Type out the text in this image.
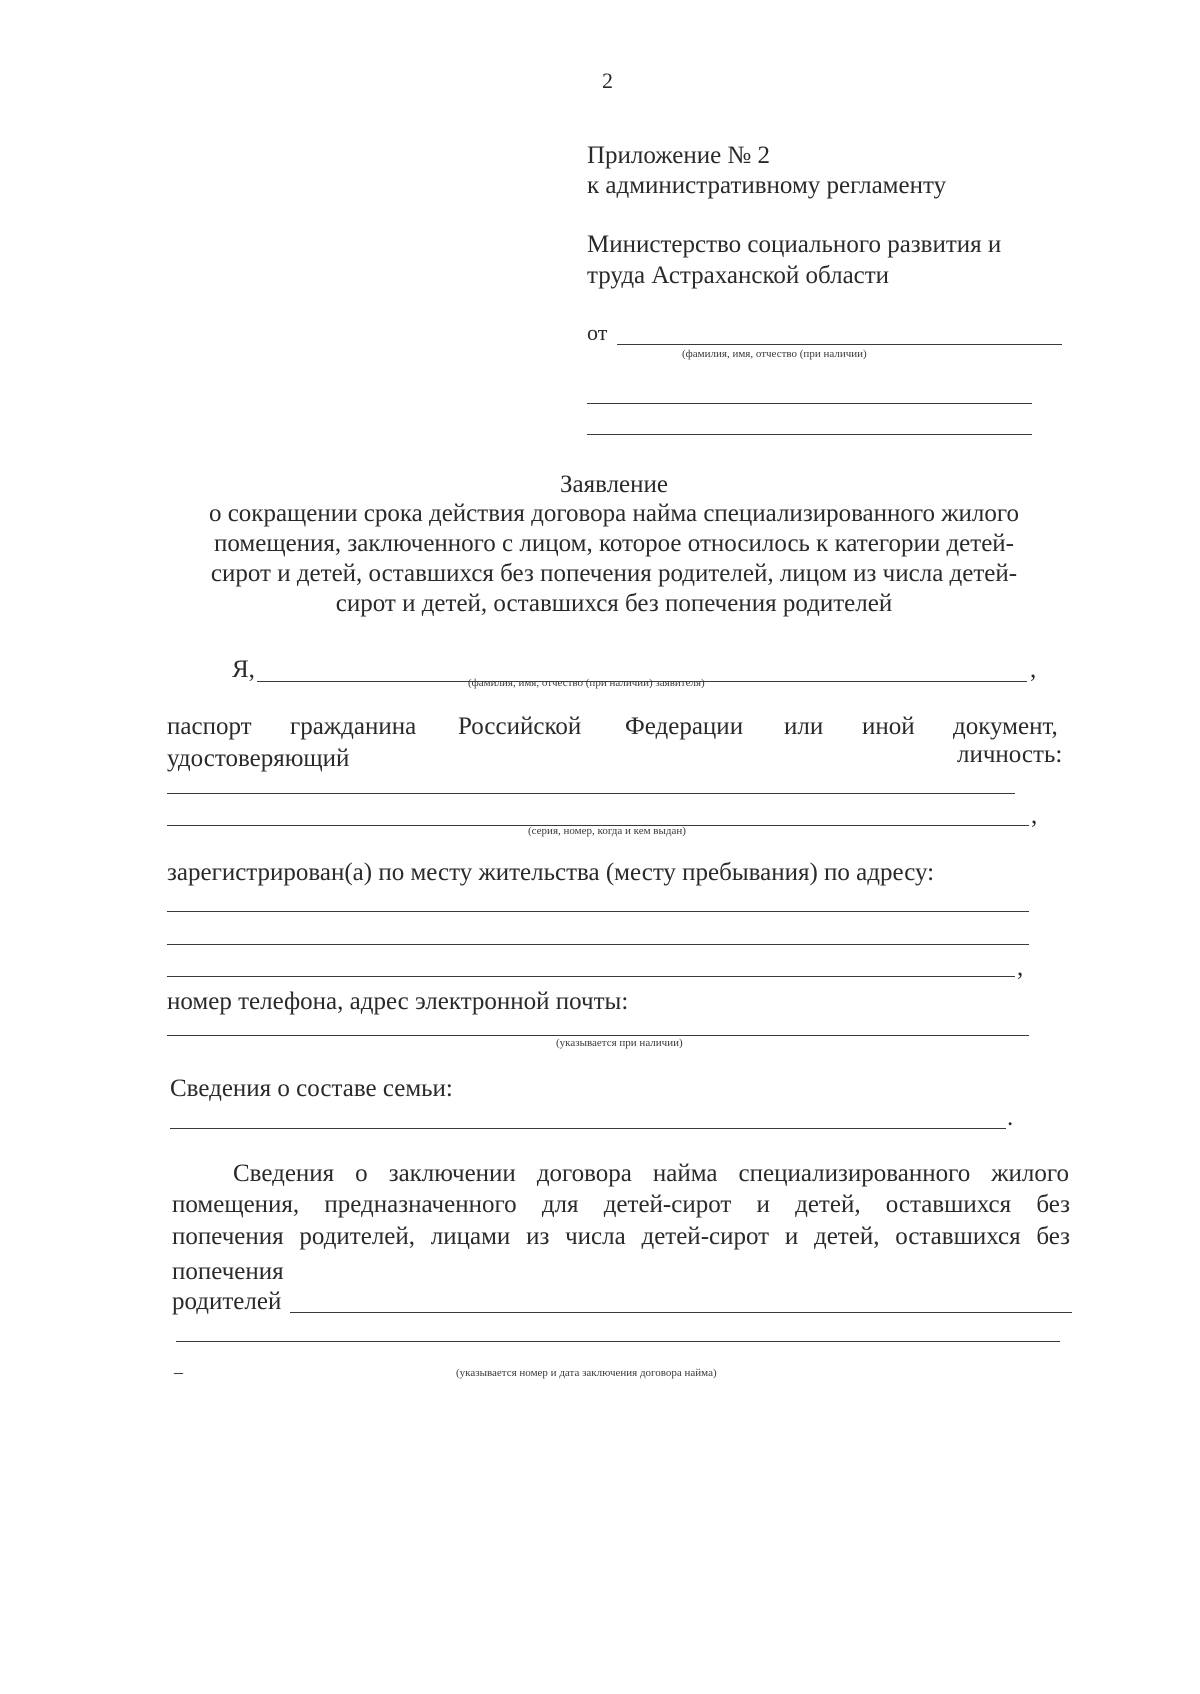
2
Приложение № 2
к административному регламенту
Министерство социального развития и
труда Астраханской области
от
(фамилия, имя, отчество (при наличии)
Заявление
о сокращении срока действия договора найма специализированного жилого
помещения, заключенного с лицом, которое относилось к категории детей-
сирот и детей, оставшихся без попечения родителей, лицом из числа детей-
сирот и детей, оставшихся без попечения родителей
Я,	,
(фамилия, имя, отчество (при наличии) заявителя)
паспорт гражданина Российской Федерации или иной документ,
удостоверяющий	личность:
,
(серия, номер, когда и кем выдан)
зарегистрирован(а) по месту жительства (месту пребывания) по адресу:
,
номер телефона, адрес электронной почты:
(указывается при наличии)
Сведения о составе семьи:
.
Сведения о заключении договора найма специализированного жилого
помещения, предназначенного для детей-сирот и детей, оставшихся без
попечения родителей, лицами из числа детей-сирот и детей, оставшихся без
попечения
родителей
–	(указывается номер и дата заключения договора найма)
